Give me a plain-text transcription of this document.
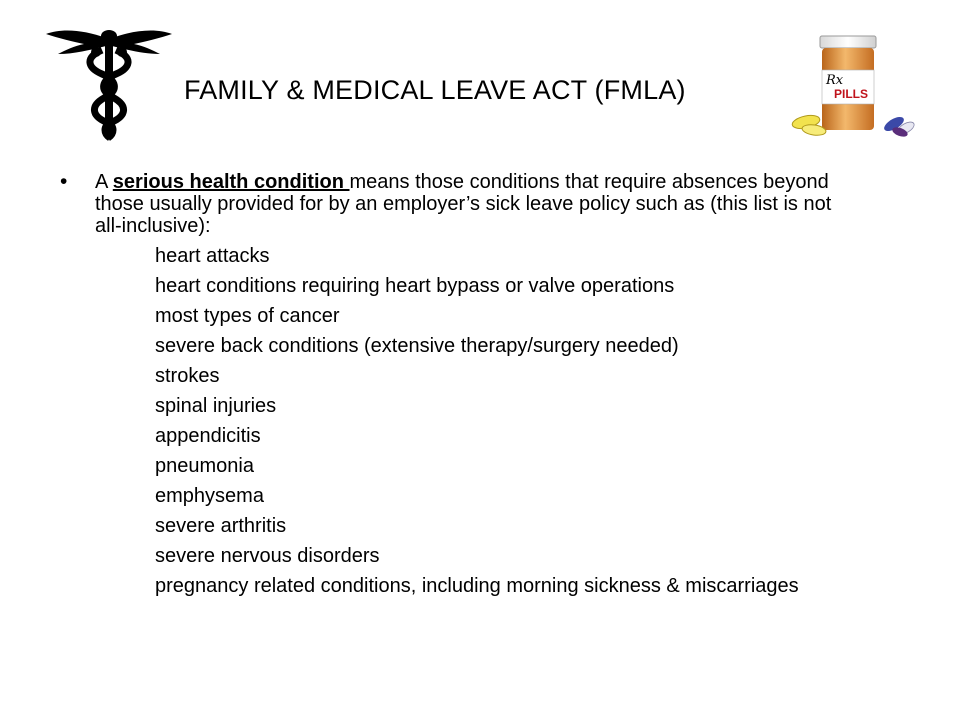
Rx
PILLS
FAMILY & MEDICAL LEAVE ACT (FMLA)
•	A serious health condition means those conditions that require absences beyond those usually provided for by an employer’s sick leave policy such as (this list is not all-inclusive):

heart attacks
heart conditions requiring heart bypass or valve operations
most types of cancer
severe back conditions (extensive therapy/surgery needed)
strokes
spinal injuries
appendicitis
pneumonia
emphysema
severe arthritis
severe nervous disorders
pregnancy related conditions, including morning sickness & miscarriages
